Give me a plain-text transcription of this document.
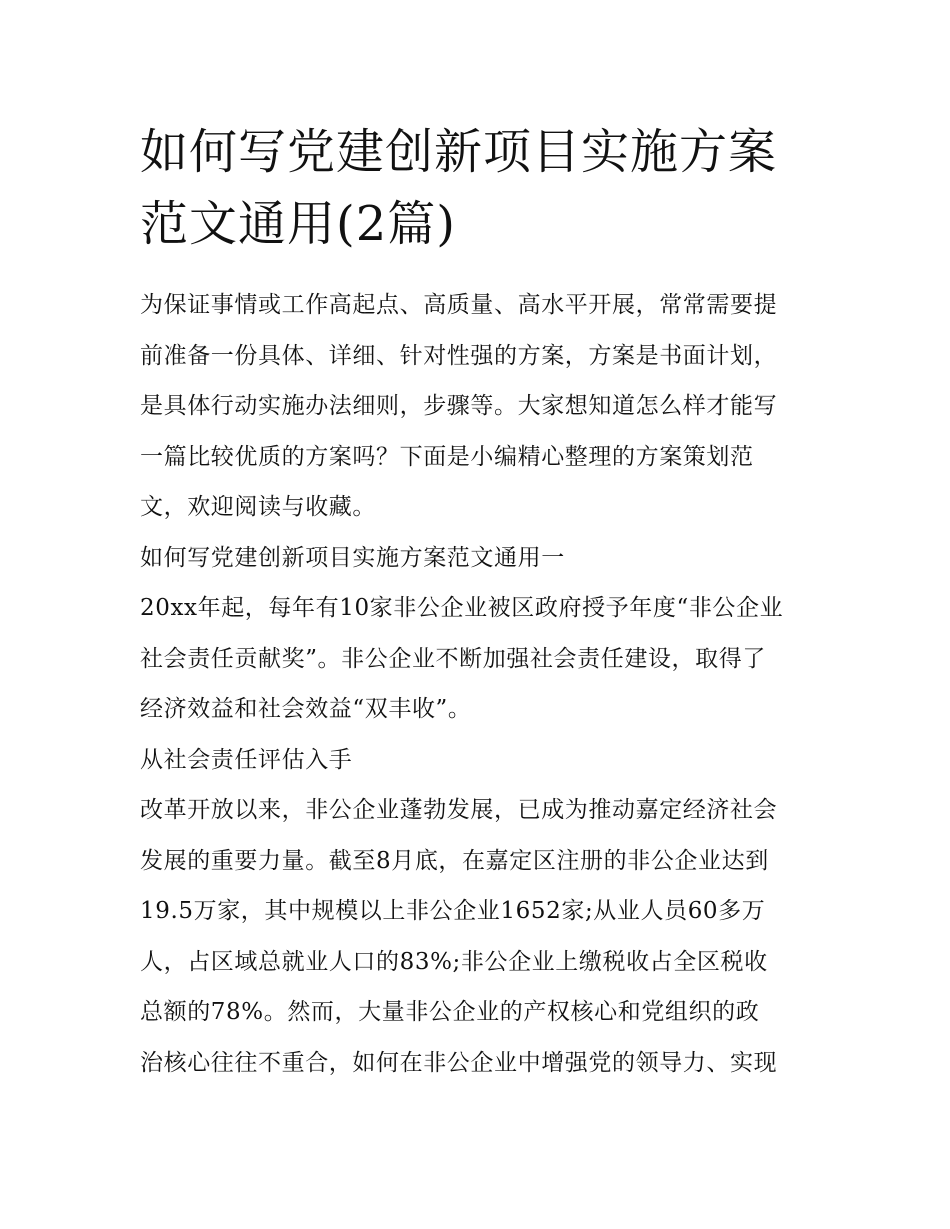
如何写党建创新项目实施方案
范文通用(2篇)

为保证事情或工作高起点、高质量、高水平开展，常常需要提
前准备一份具体、详细、针对性强的方案，方案是书面计划，
是具体行动实施办法细则，步骤等。大家想知道怎么样才能写
一篇比较优质的方案吗？下面是小编精心整理的方案策划范
文，欢迎阅读与收藏。

如何写党建创新项目实施方案范文通用一

20xx年起，每年有10家非公企业被区政府授予年度“非公企业
社会责任贡献奖”。非公企业不断加强社会责任建设，取得了
经济效益和社会效益“双丰收”。

从社会责任评估入手

改革开放以来，非公企业蓬勃发展，已成为推动嘉定经济社会
发展的重要力量。截至8月底，在嘉定区注册的非公企业达到
19.5万家，其中规模以上非公企业1652家;从业人员60多万
人，占区域总就业人口的83%;非公企业上缴税收占全区税收
总额的78%。然而，大量非公企业的产权核心和党组织的政
治核心往往不重合，如何在非公企业中增强党的领导力、实现
